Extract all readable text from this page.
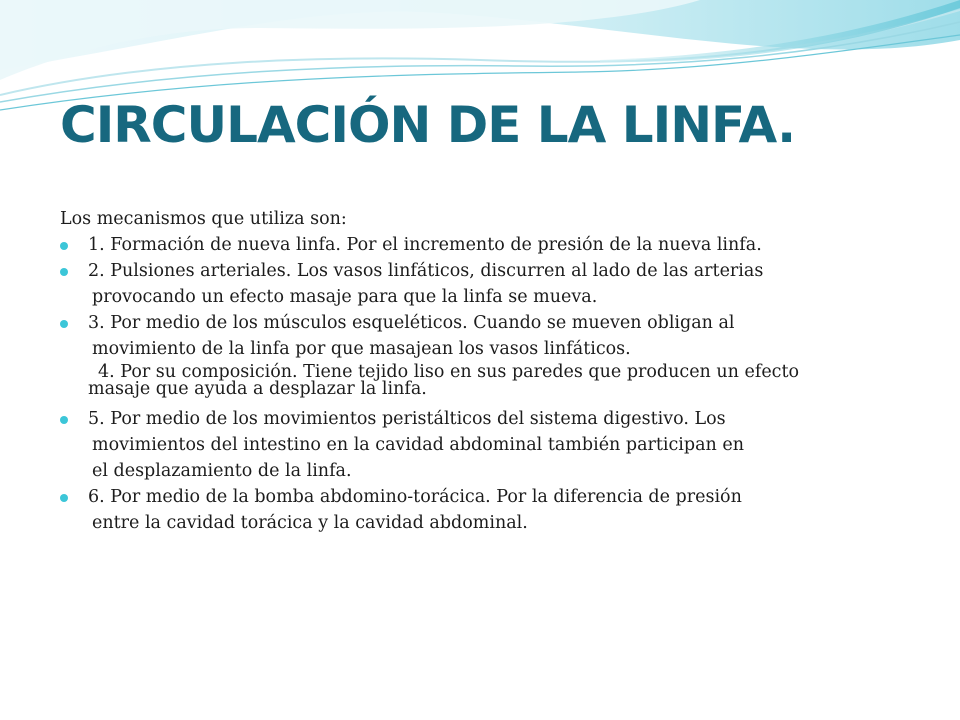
CIRCULACIÓN DE LA LINFA.
Los mecanismos que utiliza son:
1. Formación de nueva linfa. Por el incremento de presión de la nueva linfa.
2. Pulsiones arteriales. Los vasos linfáticos, discurren al lado de las arterias
provocando un efecto masaje para que la linfa se mueva.
3. Por medio de los músculos esqueléticos. Cuando se mueven obligan al
movimiento de la linfa por que masajean los vasos linfáticos.
4. Por su composición. Tiene tejido liso en sus paredes que producen un efecto
masaje que ayuda a desplazar la linfa.
5. Por medio de los movimientos peristálticos del sistema digestivo. Los
movimientos del intestino en la cavidad abdominal también participan en
el desplazamiento de la linfa.
6. Por medio de la bomba abdomino-torácica. Por la diferencia de presión
entre la cavidad torácica y la cavidad abdominal.
